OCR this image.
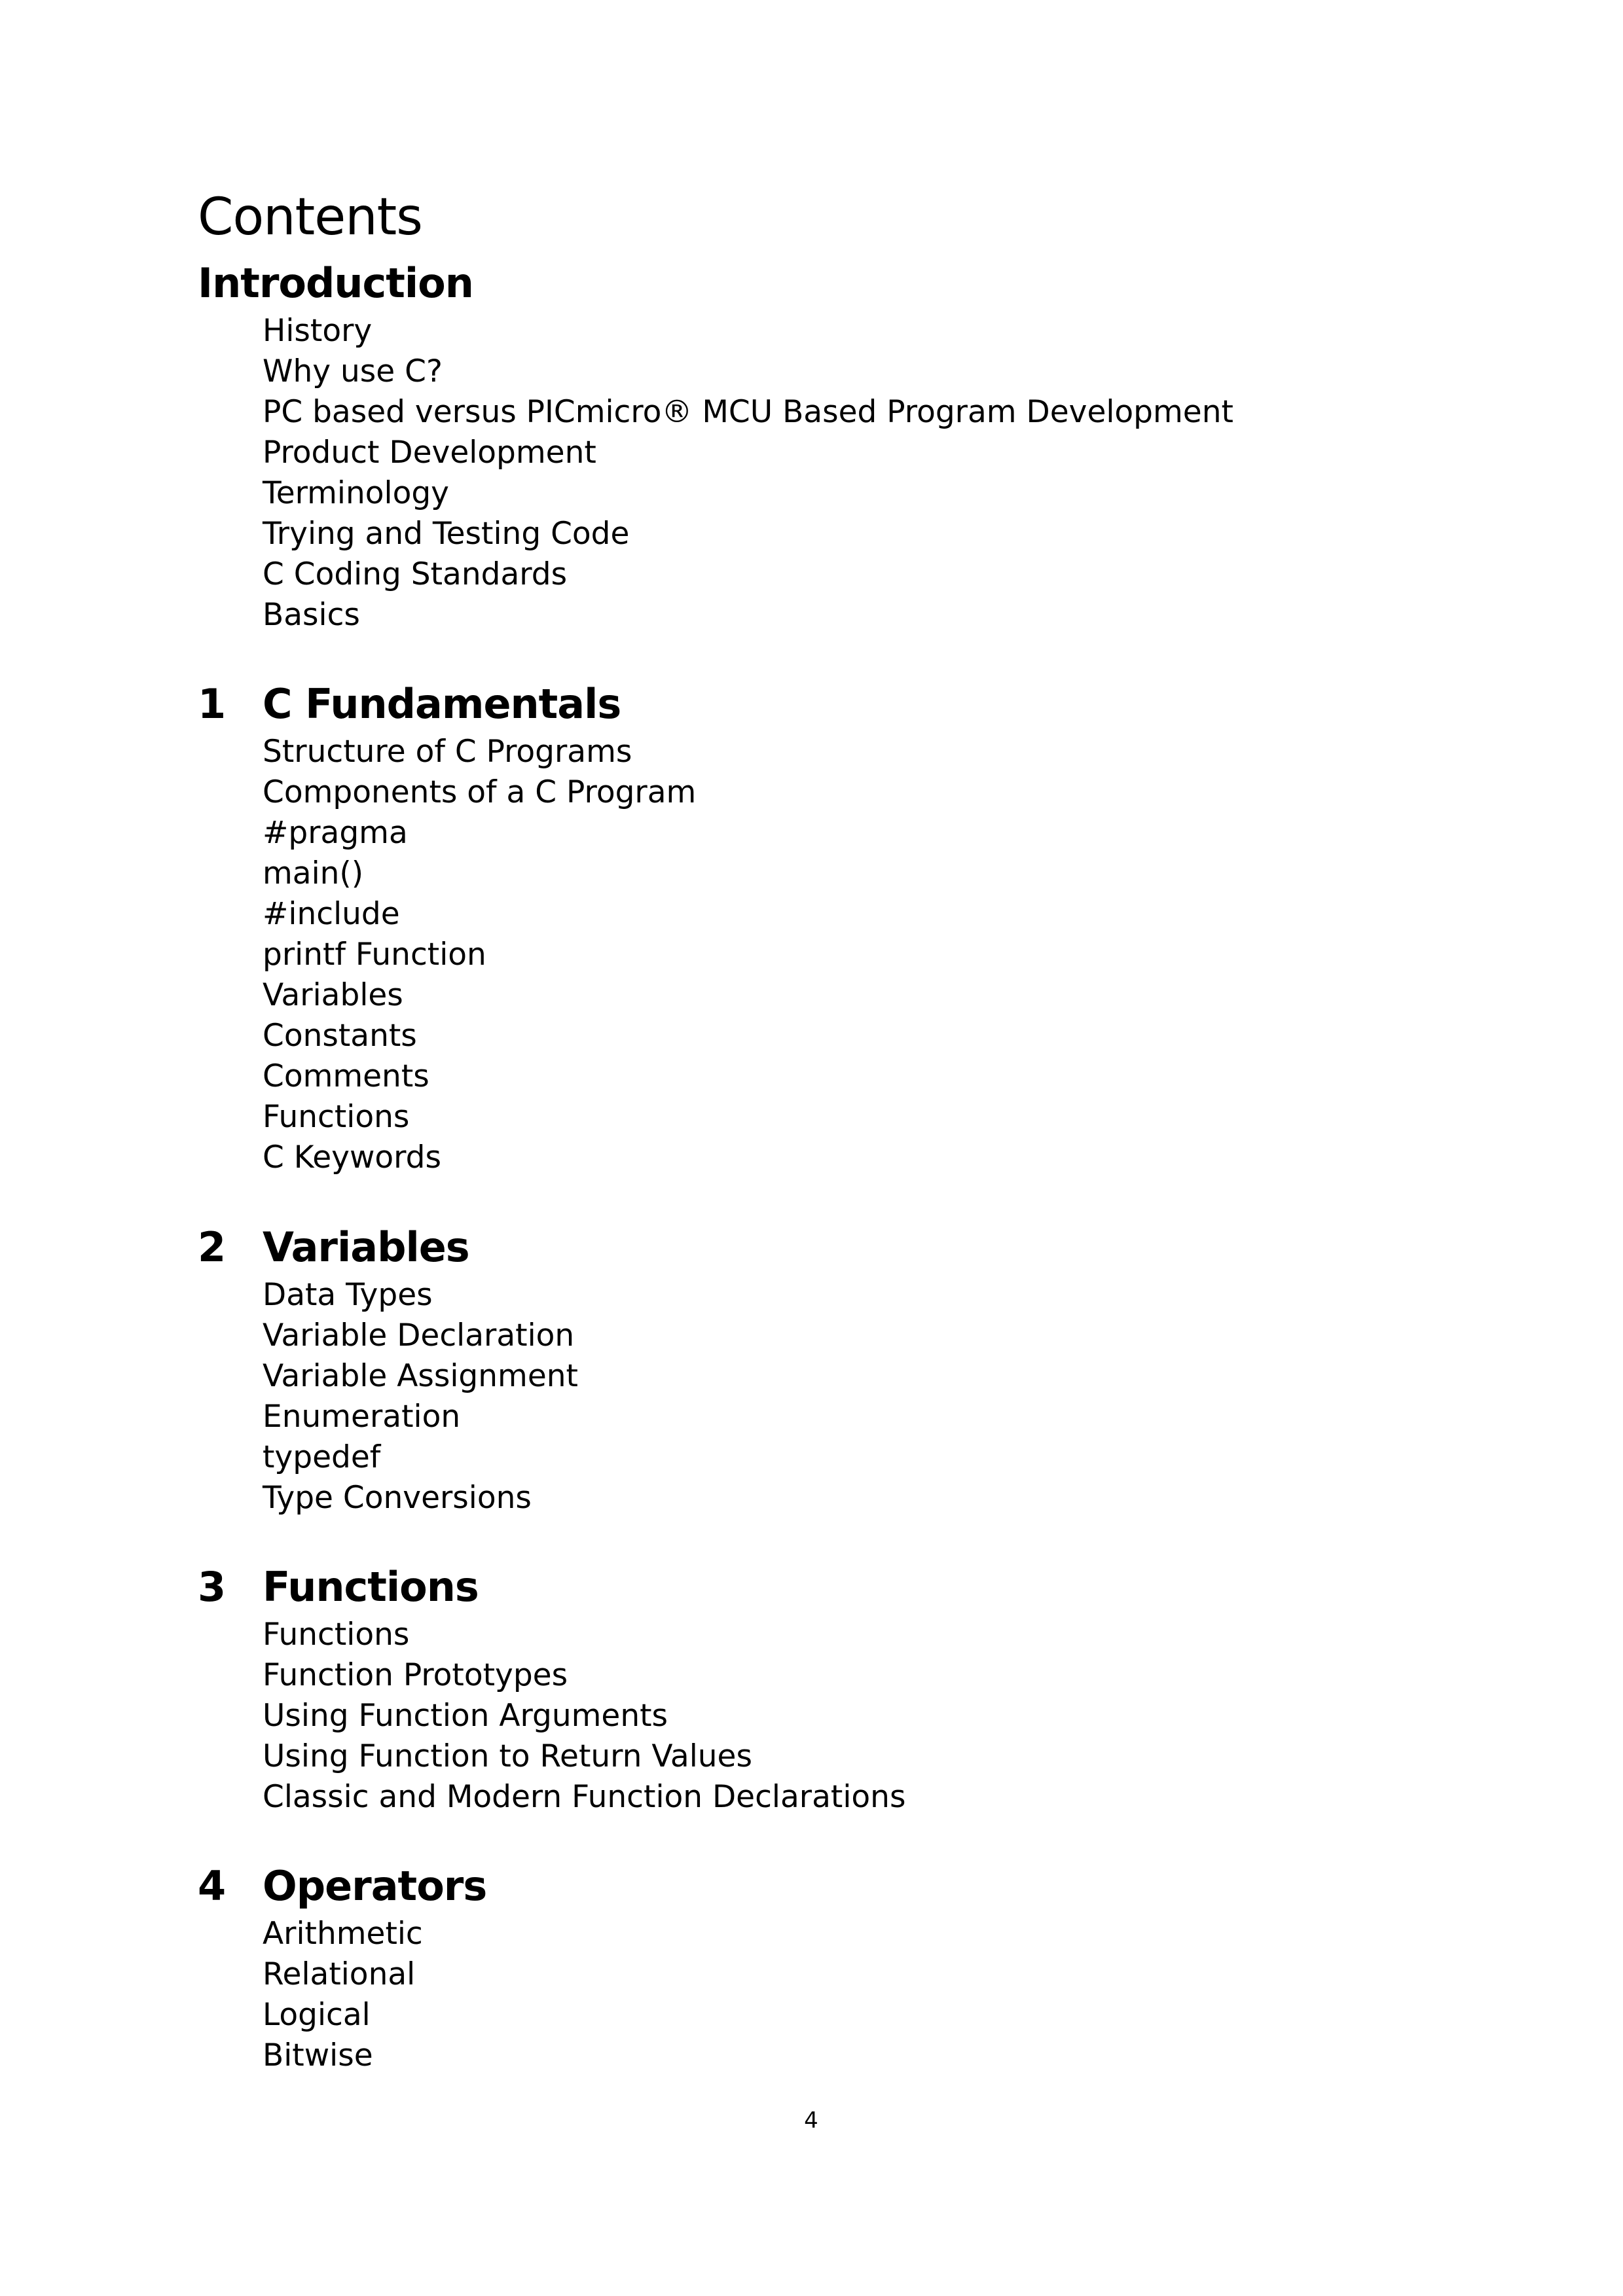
Contents
Introduction
History
Why use C?
PC based versus PICmicro® MCU Based Program Development
Product Development
Terminology
Trying and Testing Code
C Coding Standards
Basics
1 C Fundamentals
Structure of C Programs
Components of a C Program
#pragma
main()
#include
printf Function
Variables
Constants
Comments
Functions
C Keywords
2 Variables
Data Types
Variable Declaration
Variable Assignment
Enumeration
typedef
Type Conversions
3 Functions
Functions
Function Prototypes
Using Function Arguments
Using Function to Return Values
Classic and Modern Function Declarations
4 Operators
Arithmetic
Relational
Logical
Bitwise
4
